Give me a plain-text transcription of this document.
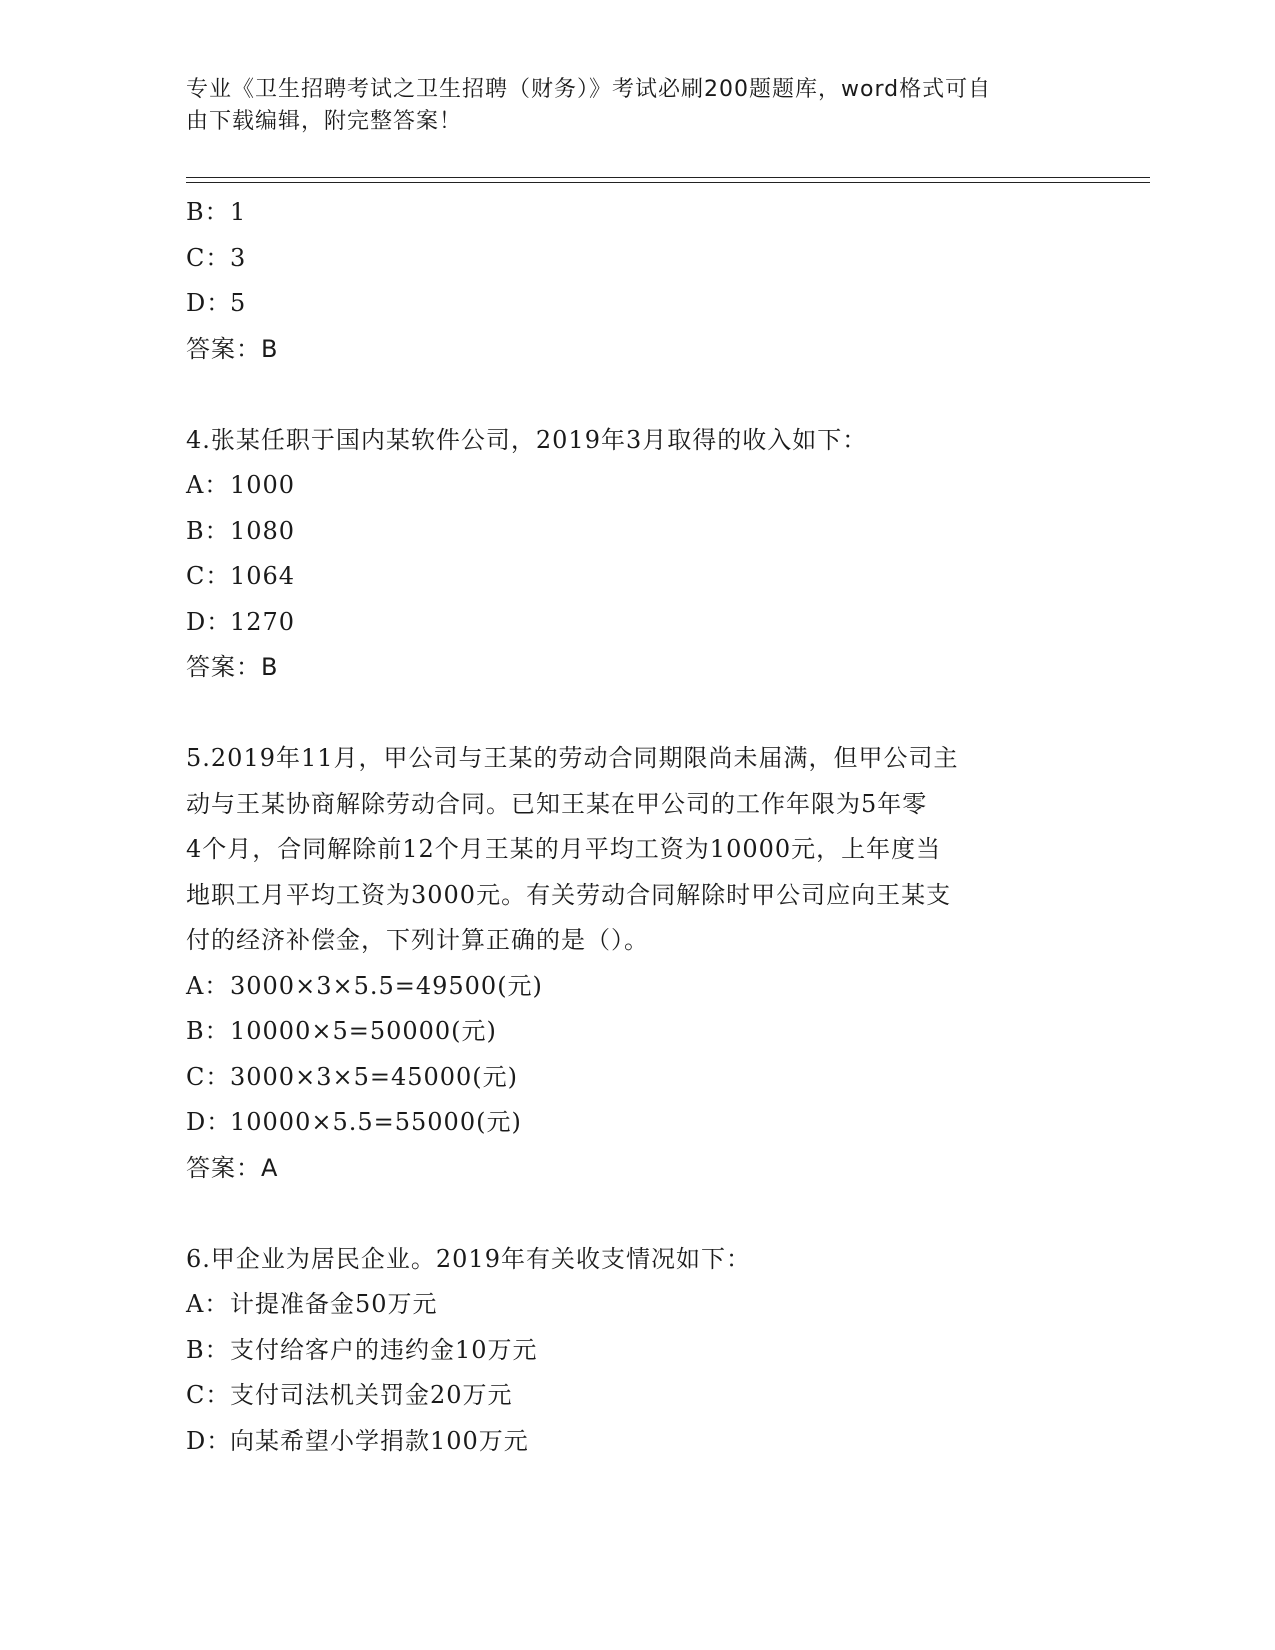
专业《卫生招聘考试之卫生招聘（财务）》考试必刷200题题库，word格式可自
由下载编辑，附完整答案！
B：1
C：3
D：5
答案：B
4.张某任职于国内某软件公司，2019年3月取得的收入如下：
A：1000
B：1080
C：1064
D：1270
答案：B
5.2019年11月，甲公司与王某的劳动合同期限尚未届满，但甲公司主
动与王某协商解除劳动合同。已知王某在甲公司的工作年限为5年零
4个月，合同解除前12个月王某的月平均工资为10000元，上年度当
地职工月平均工资为3000元。有关劳动合同解除时甲公司应向王某支
付的经济补偿金，下列计算正确的是（）。
A：3000×3×5.5=49500(元)
B：10000×5=50000(元)
C：3000×3×5=45000(元)
D：10000×5.5=55000(元)
答案：A
6.甲企业为居民企业。2019年有关收支情况如下：
A：计提准备金50万元
B：支付给客户的违约金10万元
C：支付司法机关罚金20万元
D：向某希望小学捐款100万元
